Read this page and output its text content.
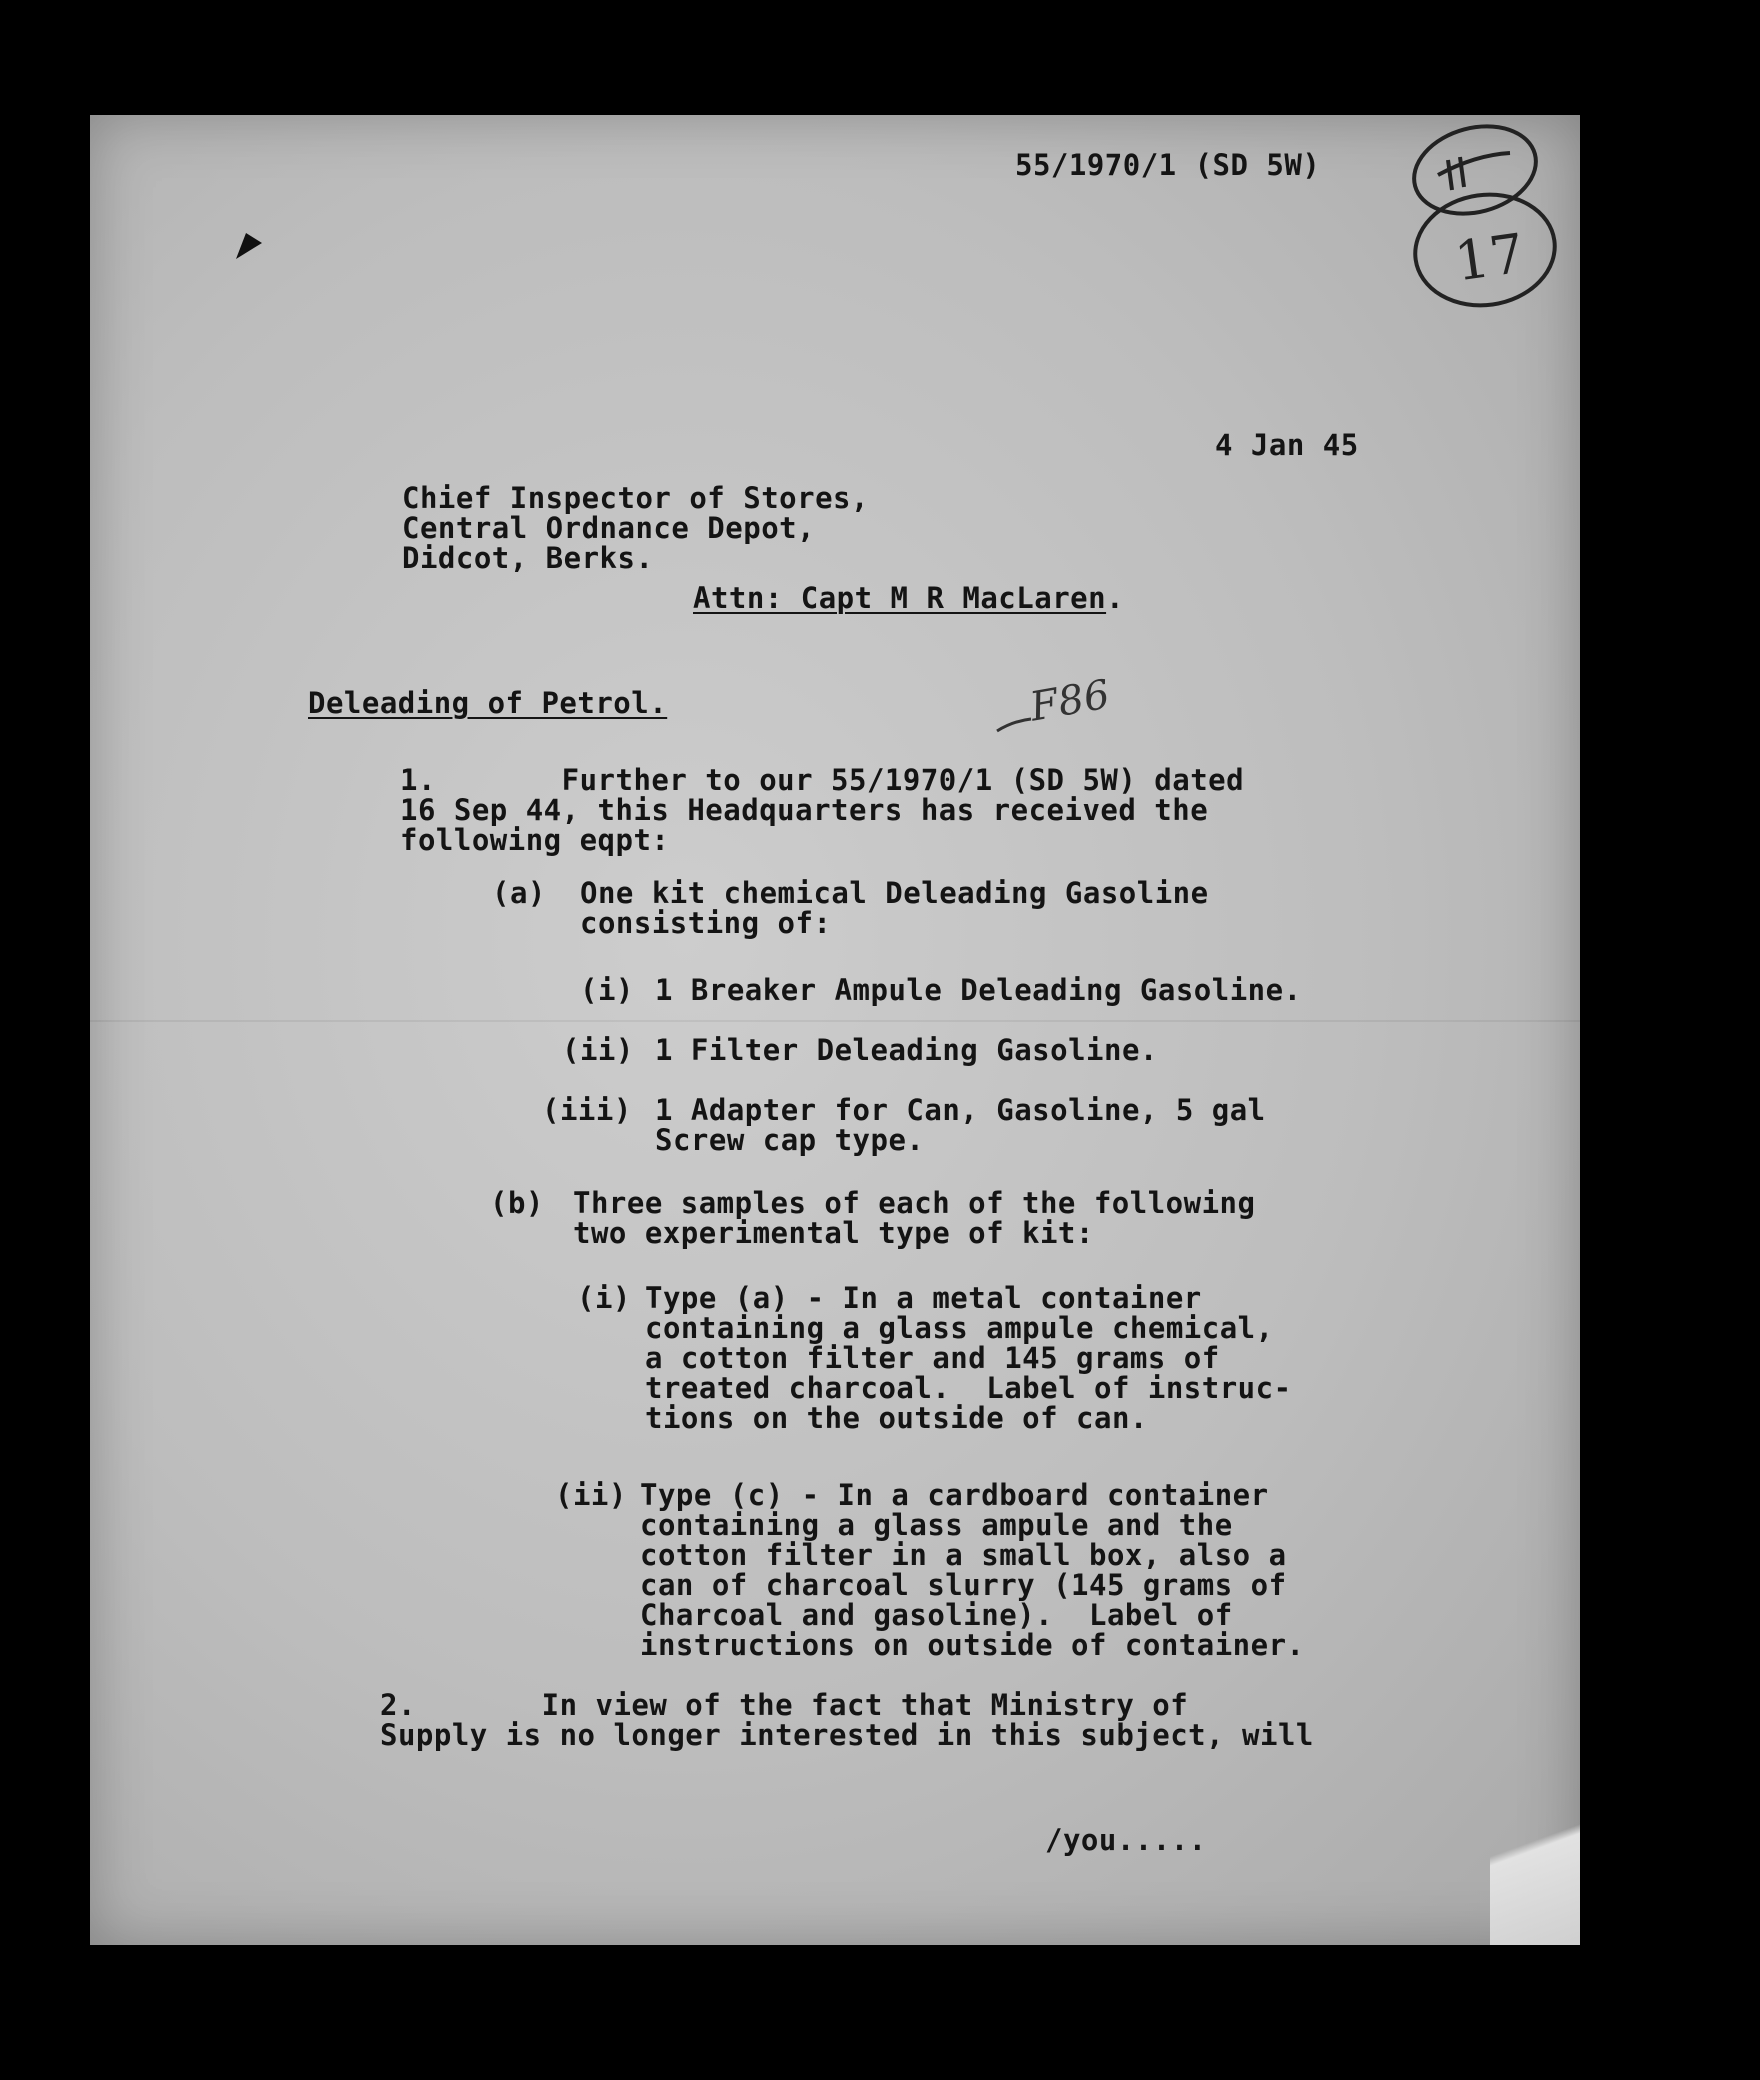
55/1970/1 (SD 5W)
17
4 Jan 45
Chief Inspector of Stores,
Central Ordnance Depot,
Didcot, Berks.
Attn: Capt M R MacLaren.
Deleading of Petrol.	F86
1.       Further to our 55/1970/1 (SD 5W) dated
16 Sep 44, this Headquarters has received the
following eqpt:
(a) One kit chemical Deleading Gasoline
consisting of:
(i) 1 Breaker Ampule Deleading Gasoline.
(ii) 1 Filter Deleading Gasoline.
(iii) 1 Adapter for Can, Gasoline, 5 gal
Screw cap type.
(b) Three samples of each of the following
two experimental type of kit:
(i) Type (a) - In a metal container
containing a glass ampule chemical,
a cotton filter and 145 grams of
treated charcoal.  Label of instruc-
tions on the outside of can.
(ii) Type (c) - In a cardboard container
containing a glass ampule and the
cotton filter in a small box, also a
can of charcoal slurry (145 grams of
Charcoal and gasoline).  Label of
instructions on outside of container.
2.       In view of the fact that Ministry of
Supply is no longer interested in this subject, will
/you.....
